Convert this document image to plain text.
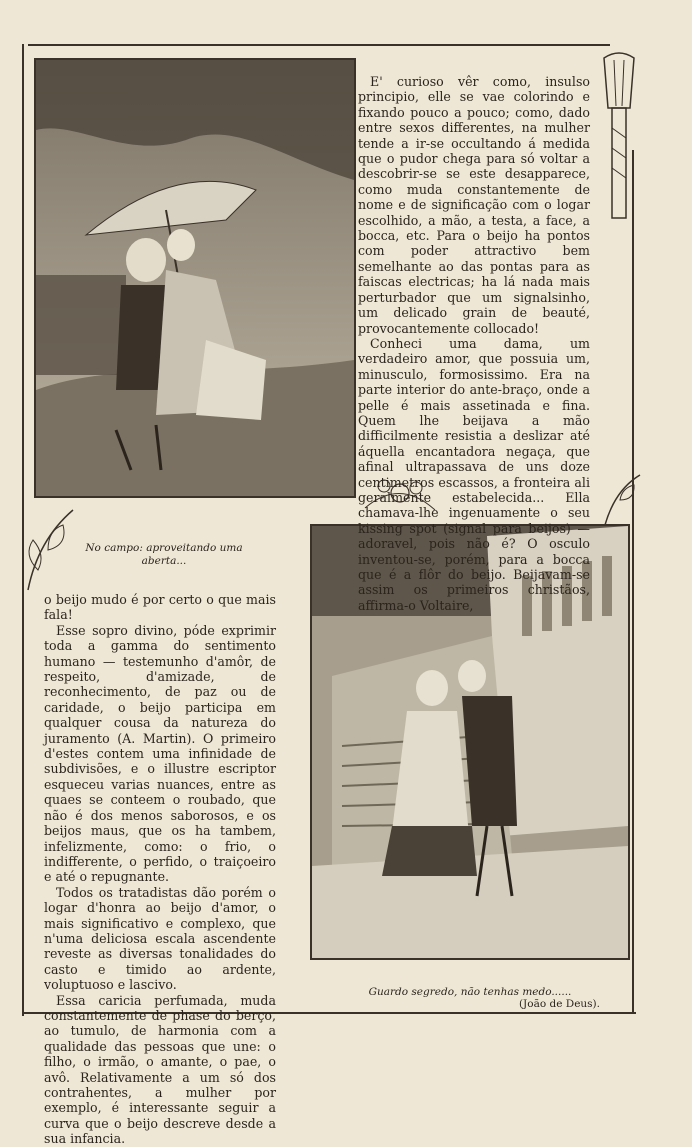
E' curioso vêr como, insulso principio, elle se vae colorindo e fixando pouco a pouco; como, dado entre sexos differentes, na mulher tende a ir-se occultando á medida que o pudor chega para só voltar a descobrir-se se este desapparece, como muda constantemente de nome e de significação com o logar escolhido, a mão, a testa, a face, a bocca, etc. Para o beijo ha pontos com poder attractivo bem semelhante ao das pontas para as faiscas electricas; ha lá nada mais perturbador que um signalsinho, um delicado grain de beauté, provocantemente collocado!

Conheci uma dama, um verdadeiro amor, que possuia um, minusculo, formosissimo. Era na parte interior do ante-braço, onde a pelle é mais assetinada e fina. Quem lhe beijava a mão difficilmente resistia a deslizar até áquella encantadora negaça, que afinal ultrapassava de uns doze centimetros escassos, a fronteira ali geralmente estabelecida... Ella chamava-lhe ingenuamente o seu kissing spot (signal para beijos) — adoravel, pois não é? O osculo inventou-se, porém, para a bocca que é a flôr do beijo. Beijavam-se assim os primeiros christãos, affirma-o Voltaire,

No campo: aproveitando uma aberta...

o beijo mudo é por certo o que mais fala!

Esse sopro divino, póde exprimir toda a gamma do sentimento humano — testemunho d'amôr, de respeito, d'amizade, de reconhecimento, de paz ou de caridade, o beijo participa em qualquer cousa da natureza do juramento (A. Martin). O primeiro d'estes contem uma infinidade de subdivisões, e o illustre escriptor esqueceu varias nuances, entre as quaes se conteem o roubado, que não é dos menos saborosos, e os beijos maus, que os ha tambem, infelizmente, como: o frio, o indifferente, o perfido, o traiçoeiro e até o repugnante.

Todos os tratadistas dão porém o logar d'honra ao beijo d'amor, o mais significativo e complexo, que n'uma deliciosa escala ascendente reveste as diversas tonalidades do casto e timido ao ardente, voluptuoso e lascivo.

Essa caricia perfumada, muda constantemente de phase do berço, ao tumulo, de harmonia com a qualidade das pessoas que une: o filho, o irmão, o amante, o pae, o avô. Relativamente a um só dos contrahentes, a mulher por exemplo, é interessante seguir a curva que o beijo descreve desde a sua infancia.

Guardo segredo, não tenhas medo......
(João de Deus).
